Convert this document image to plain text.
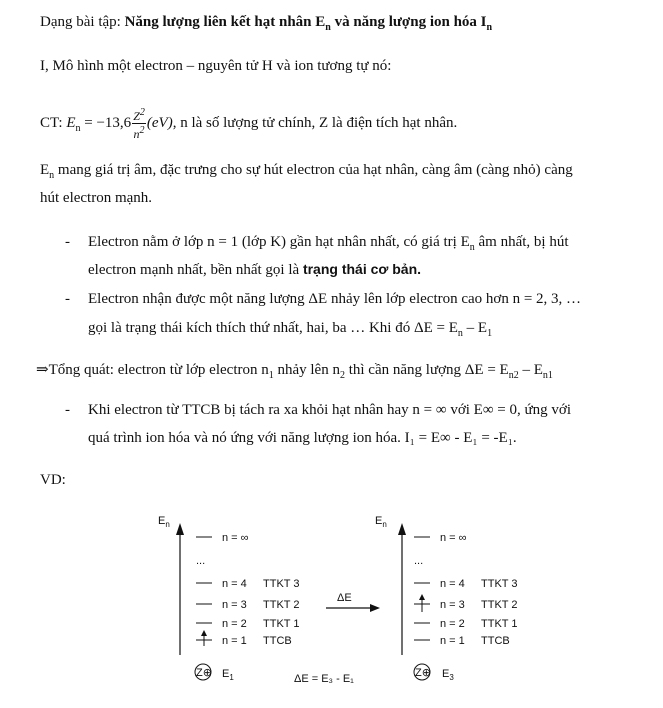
Dạng bài tập: Năng lượng liên kết hạt nhân $E_n$ và năng lượng ion hóa $I_n$
I, Mô hình một electron – nguyên tử H và ion tương tự nó:
CT: $E_n = -13,6 \frac{Z^2}{n^2} (eV)$, n là số lượng tử chính, Z là điện tích hạt nhân.
$E_n$ mang giá trị âm, đặc trưng cho sự hút electron của hạt nhân, càng âm (càng nhỏ) càng
hút electron mạnh.
- Electron nằm ở lớp n = 1 (lớp K) gần hạt nhân nhất, có giá trị $E_n$ âm nhất, bị hút
electron mạnh nhất, bền nhất gọi là trạng thái cơ bản.
- Electron nhận được một năng lượng ΔE nhảy lên lớp electron cao hơn n = 2, 3, …
gọi là trạng thái kích thích thứ nhất, hai, ba … Khi đó $\Delta E = E_n - E_1$
⇒Tổng quát: electron từ lớp electron $n_1$ nhảy lên $n_2$ thì cần năng lượng $\Delta E = E_{n2} - E_{n1}$
- Khi electron từ TTCB bị tách ra xa khỏi hạt nhân hay n = ∞ với E∞ = 0, ứng với
quá trình ion hóa và nó ứng với năng lượng ion hóa. I₁ = E∞ - E₁ = -E₁.
VD:
$E_n$
n = ∞
...
n = 4 TTKT 3
n = 3 TTKT 2
n = 2 TTKT 1
n = 1 TTCB
Z⊕ $E_1$
ΔE
ΔE = E₃ - E₁
$E_n$
n = ∞
...
n = 4 TTKT 3
n = 3 TTKT 2
n = 2 TTKT 1
n = 1 TTCB
Z⊕ $E_3$
